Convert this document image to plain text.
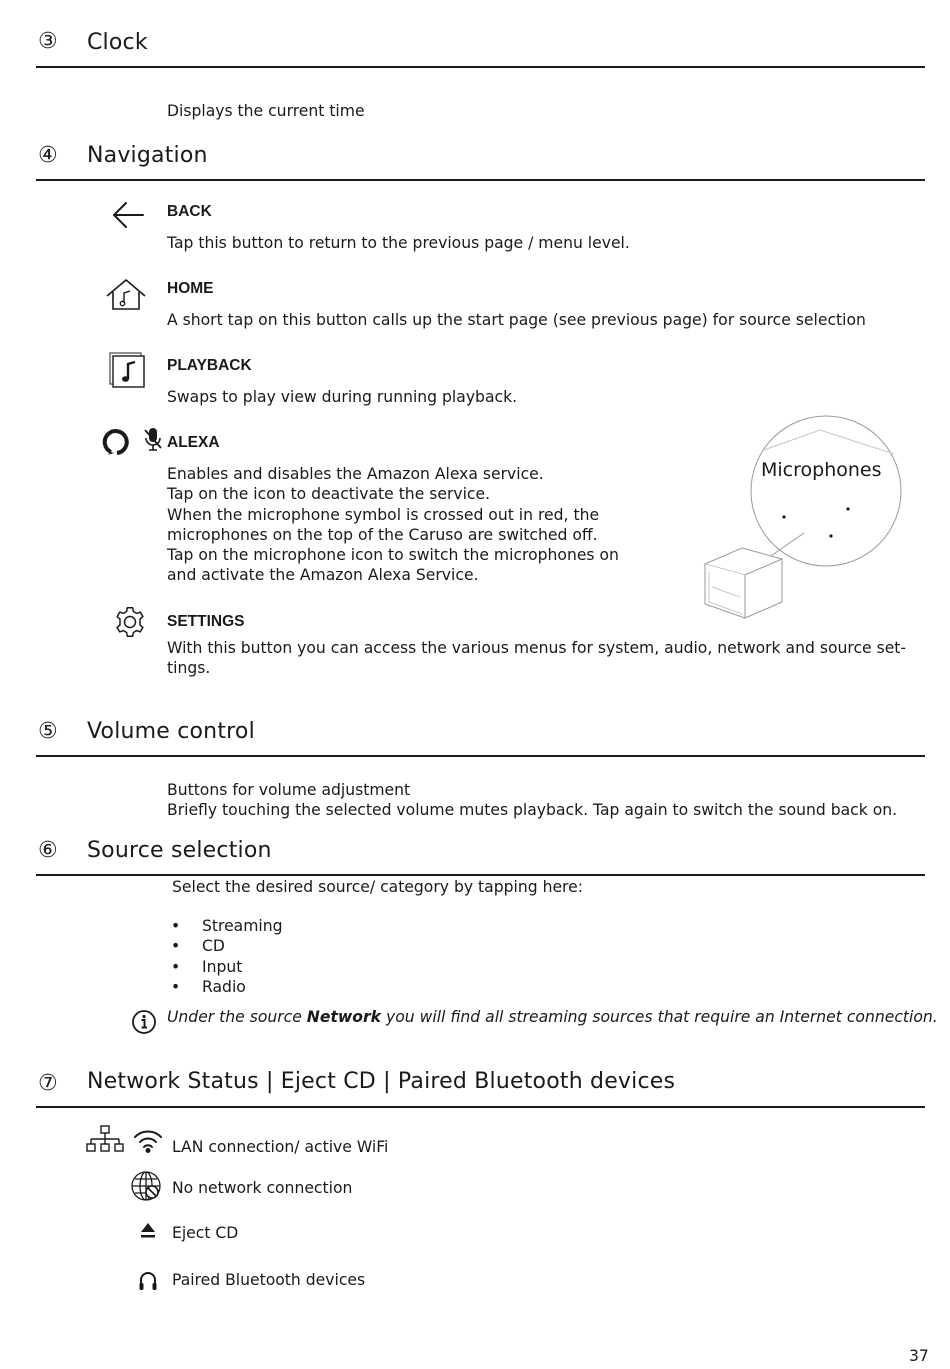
③ Clock
Displays the current time
④ Navigation
BACK
Tap this button to return to the previous page / menu level.
HOME
A short tap on this button calls up the start page (see previous page) for source selection
PLAYBACK
Swaps to play view during running playback.
ALEXA
Enables and disables the Amazon Alexa service.
Tap on the icon to deactivate the service.
When the microphone symbol is crossed out in red, the
microphones on the top of the Caruso are switched off.
Tap on the microphone icon to switch the microphones on
and activate the Amazon Alexa Service.
Microphones
SETTINGS
With this button you can access the various menus for system, audio, network and source set-
tings.
⑤ Volume control
Buttons for volume adjustment
Briefly touching the selected volume mutes playback. Tap again to switch the sound back on.
⑥ Source selection
Select the desired source/ category by tapping here:
• Streaming
• CD
• Input
• Radio
Under the source Network you will find all streaming sources that require an Internet connection.
⑦ Network Status | Eject CD | Paired Bluetooth devices
LAN connection/ active WiFi
No network connection
Eject CD
Paired Bluetooth devices
37
